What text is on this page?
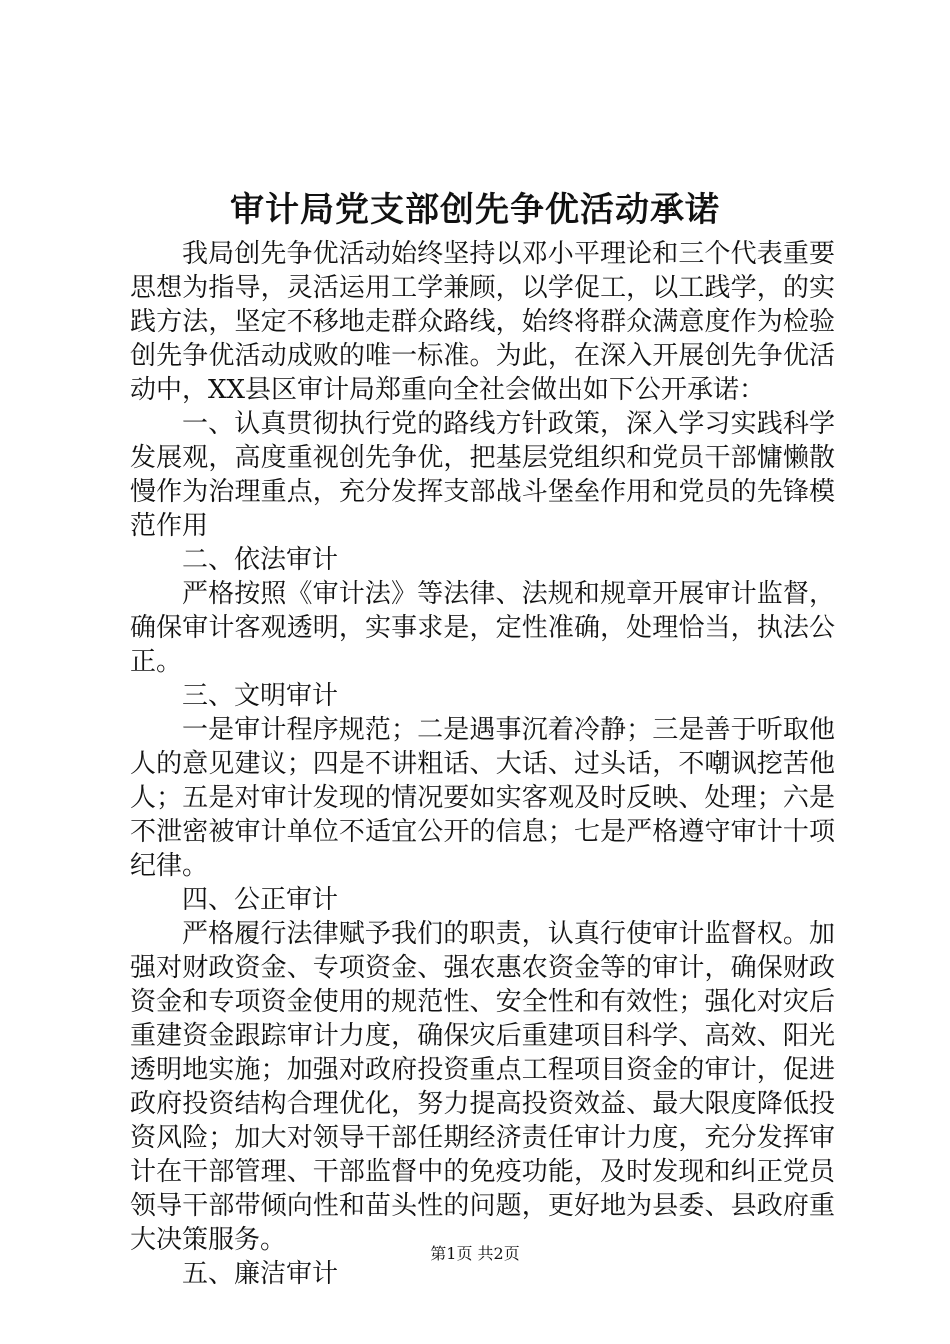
审计局党支部创先争优活动承诺

我局创先争优活动始终坚持以邓小平理论和三个代表重要思想为指导，灵活运用工学兼顾，以学促工，以工践学，的实践方法，坚定不移地走群众路线，始终将群众满意度作为检验创先争优活动成败的唯一标准。为此，在深入开展创先争优活动中，XX县区审计局郑重向全社会做出如下公开承诺：

一、认真贯彻执行党的路线方针政策，深入学习实践科学发展观，高度重视创先争优，把基层党组织和党员干部慵懒散慢作为治理重点，充分发挥支部战斗堡垒作用和党员的先锋模范作用

二、依法审计

严格按照《审计法》等法律、法规和规章开展审计监督，确保审计客观透明，实事求是，定性准确，处理恰当，执法公正。

三、文明审计

一是审计程序规范；二是遇事沉着冷静；三是善于听取他人的意见建议；四是不讲粗话、大话、过头话，不嘲讽挖苦他人；五是对审计发现的情况要如实客观及时反映、处理；六是不泄密被审计单位不适宜公开的信息；七是严格遵守审计十项纪律。

四、公正审计

严格履行法律赋予我们的职责，认真行使审计监督权。加强对财政资金、专项资金、强农惠农资金等的审计，确保财政资金和专项资金使用的规范性、安全性和有效性；强化对灾后重建资金跟踪审计力度，确保灾后重建项目科学、高效、阳光透明地实施；加强对政府投资重点工程项目资金的审计，促进政府投资结构合理优化，努力提高投资效益、最大限度降低投资风险；加大对领导干部任期经济责任审计力度，充分发挥审计在干部管理、干部监督中的免疫功能，及时发现和纠正党员领导干部带倾向性和苗头性的问题，更好地为县委、县政府重大决策服务。

五、廉洁审计

第1页 共2页
